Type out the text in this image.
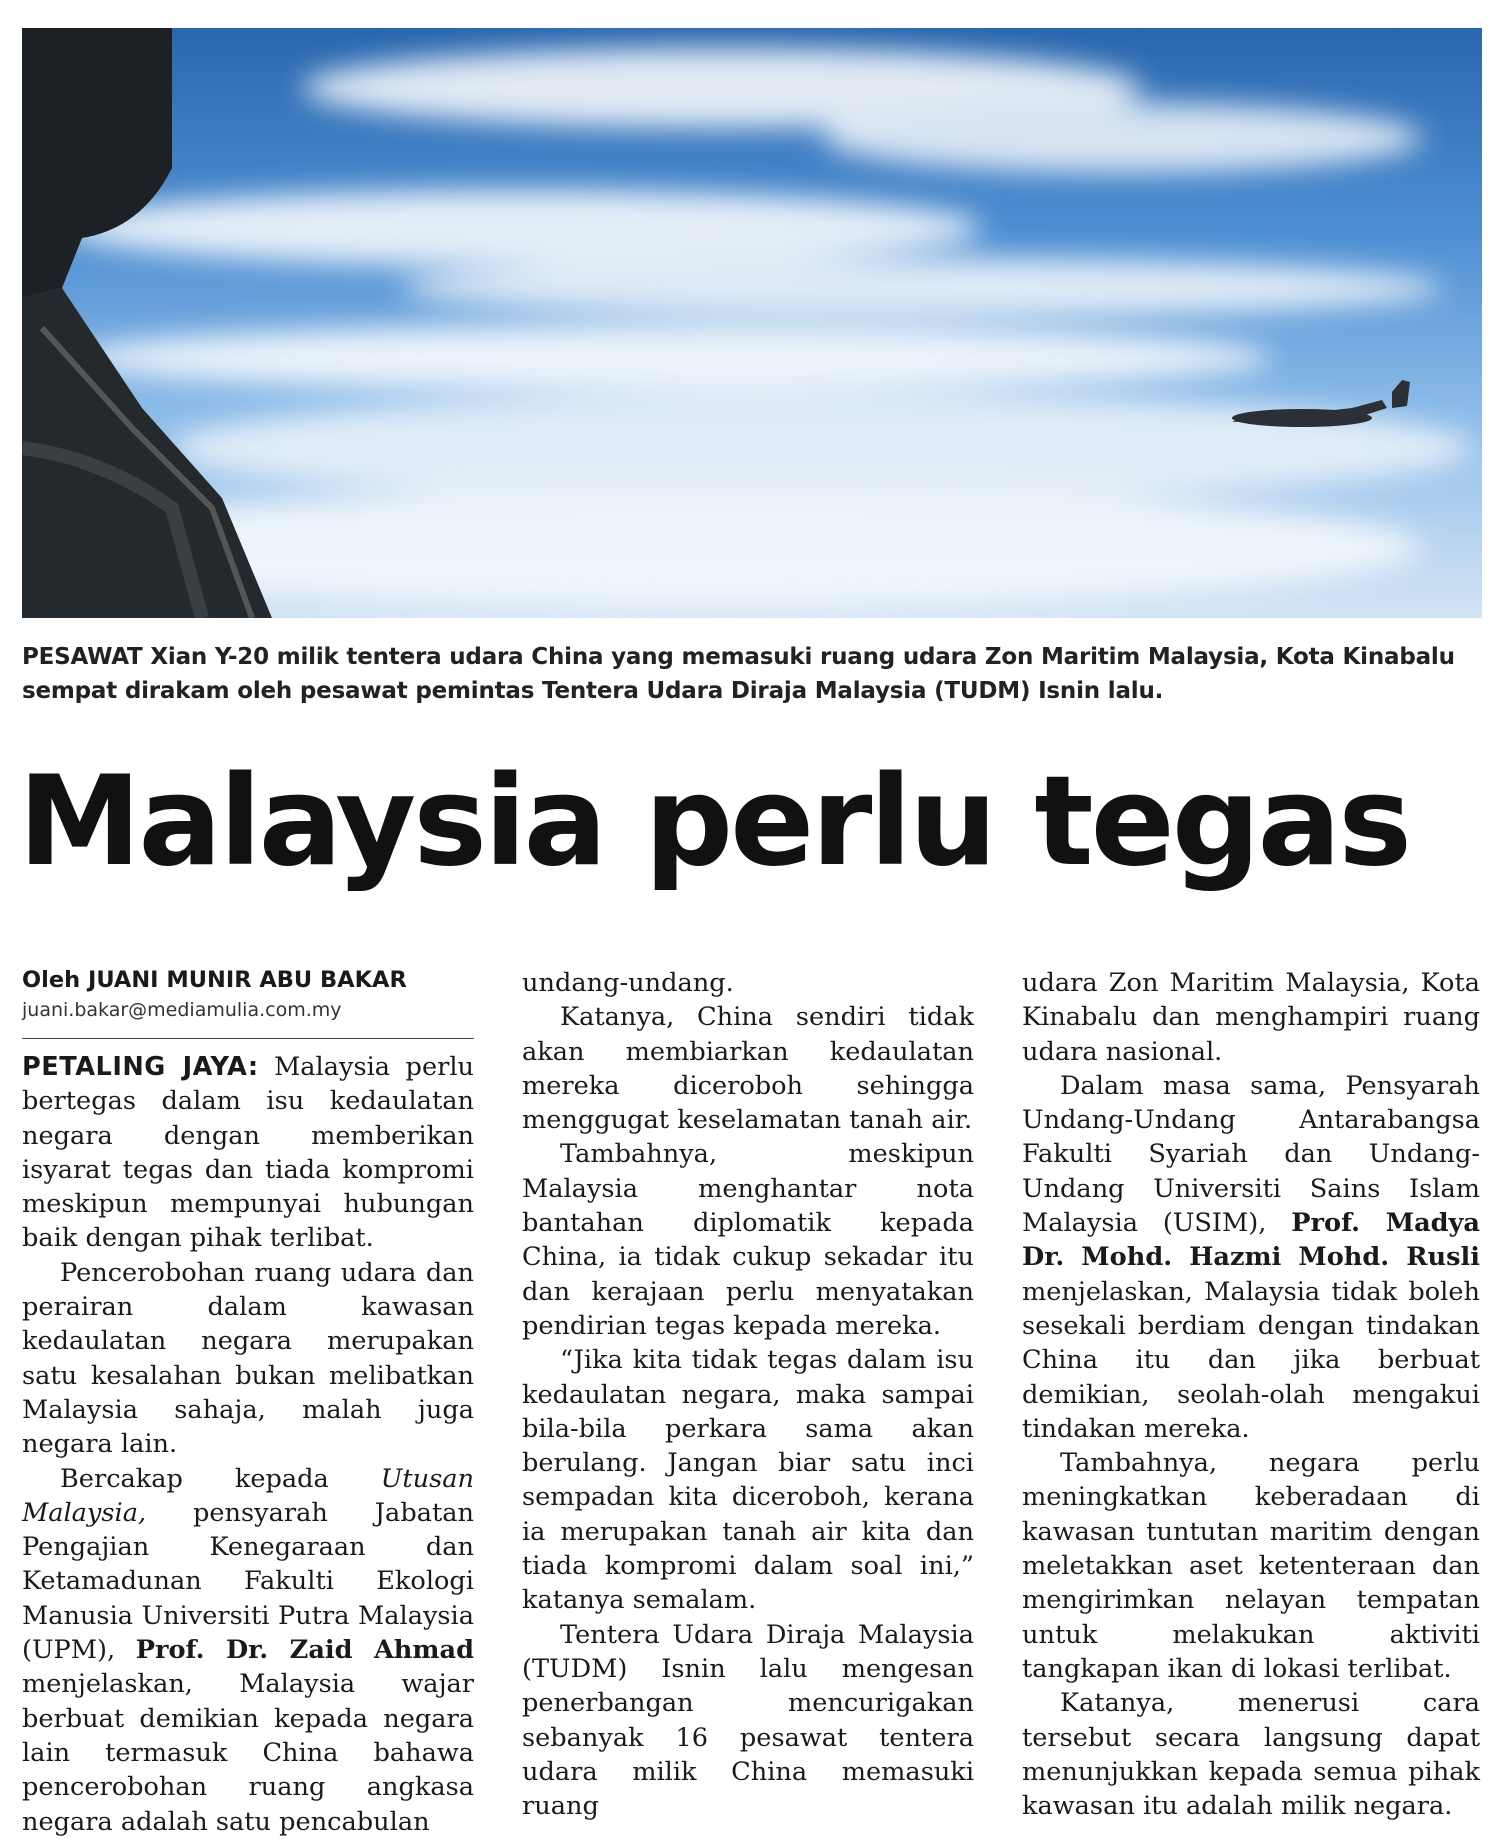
PESAWAT Xian Y-20 milik tentera udara China yang memasuki ruang udara Zon Maritim Malaysia, Kota Kinabalu sempat dirakam oleh pesawat pemintas Tentera Udara Diraja Malaysia (TUDM) Isnin lalu.
Malaysia perlu tegas
Oleh JUANI MUNIR ABU BAKAR
juani.bakar@mediamulia.com.my

PETALING JAYA: Malaysia perlu bertegas dalam isu kedaulatan negara dengan memberikan isyarat tegas dan tiada kompromi meskipun mempunyai hubungan baik dengan pihak terlibat.

Pencerobohan ruang udara dan perairan dalam kawasan kedaulatan negara merupakan satu kesalahan bukan melibatkan Malaysia sahaja, malah juga negara lain.

Bercakap kepada Utusan Malaysia, pensyarah Jabatan Pengajian Kenegaraan dan Ketamadunan Fakulti Ekologi Manusia Universiti Putra Malaysia (UPM), Prof. Dr. Zaid Ahmad menjelaskan, Malaysia wajar berbuat demikian kepada negara lain termasuk China bahawa pencerobohan ruang angkasa negara adalah satu pencabulan

undang-undang.

Katanya, China sendiri tidak akan membiarkan kedaulatan mereka diceroboh sehingga menggugat keselamatan tanah air.

Tambahnya, meskipun Malaysia menghantar nota bantahan diplomatik kepada China, ia tidak cukup sekadar itu dan kerajaan perlu menyatakan pendirian tegas kepada mereka.

“Jika kita tidak tegas dalam isu kedaulatan negara, maka sampai bila-bila perkara sama akan berulang. Jangan biar satu inci sempadan kita diceroboh, kerana ia merupakan tanah air kita dan tiada kompromi dalam soal ini,” katanya semalam.

Tentera Udara Diraja Malaysia (TUDM) Isnin lalu mengesan penerbangan mencurigakan sebanyak 16 pesawat tentera udara milik China memasuki ruang

udara Zon Maritim Malaysia, Kota Kinabalu dan menghampiri ruang udara nasional.

Dalam masa sama, Pensyarah Undang-Undang Antarabangsa Fakulti Syariah dan Undang-Undang Universiti Sains Islam Malaysia (USIM), Prof. Madya Dr. Mohd. Hazmi Mohd. Rusli menjelaskan, Malaysia tidak boleh sesekali berdiam dengan tindakan China itu dan jika berbuat demikian, seolah-olah mengakui tindakan mereka.

Tambahnya, negara perlu meningkatkan keberadaan di kawasan tuntutan maritim dengan meletakkan aset ketenteraan dan mengirimkan nelayan tempatan untuk melakukan aktiviti tangkapan ikan di lokasi terlibat.

Katanya, menerusi cara tersebut secara langsung dapat menunjukkan kepada semua pihak kawasan itu adalah milik negara.
